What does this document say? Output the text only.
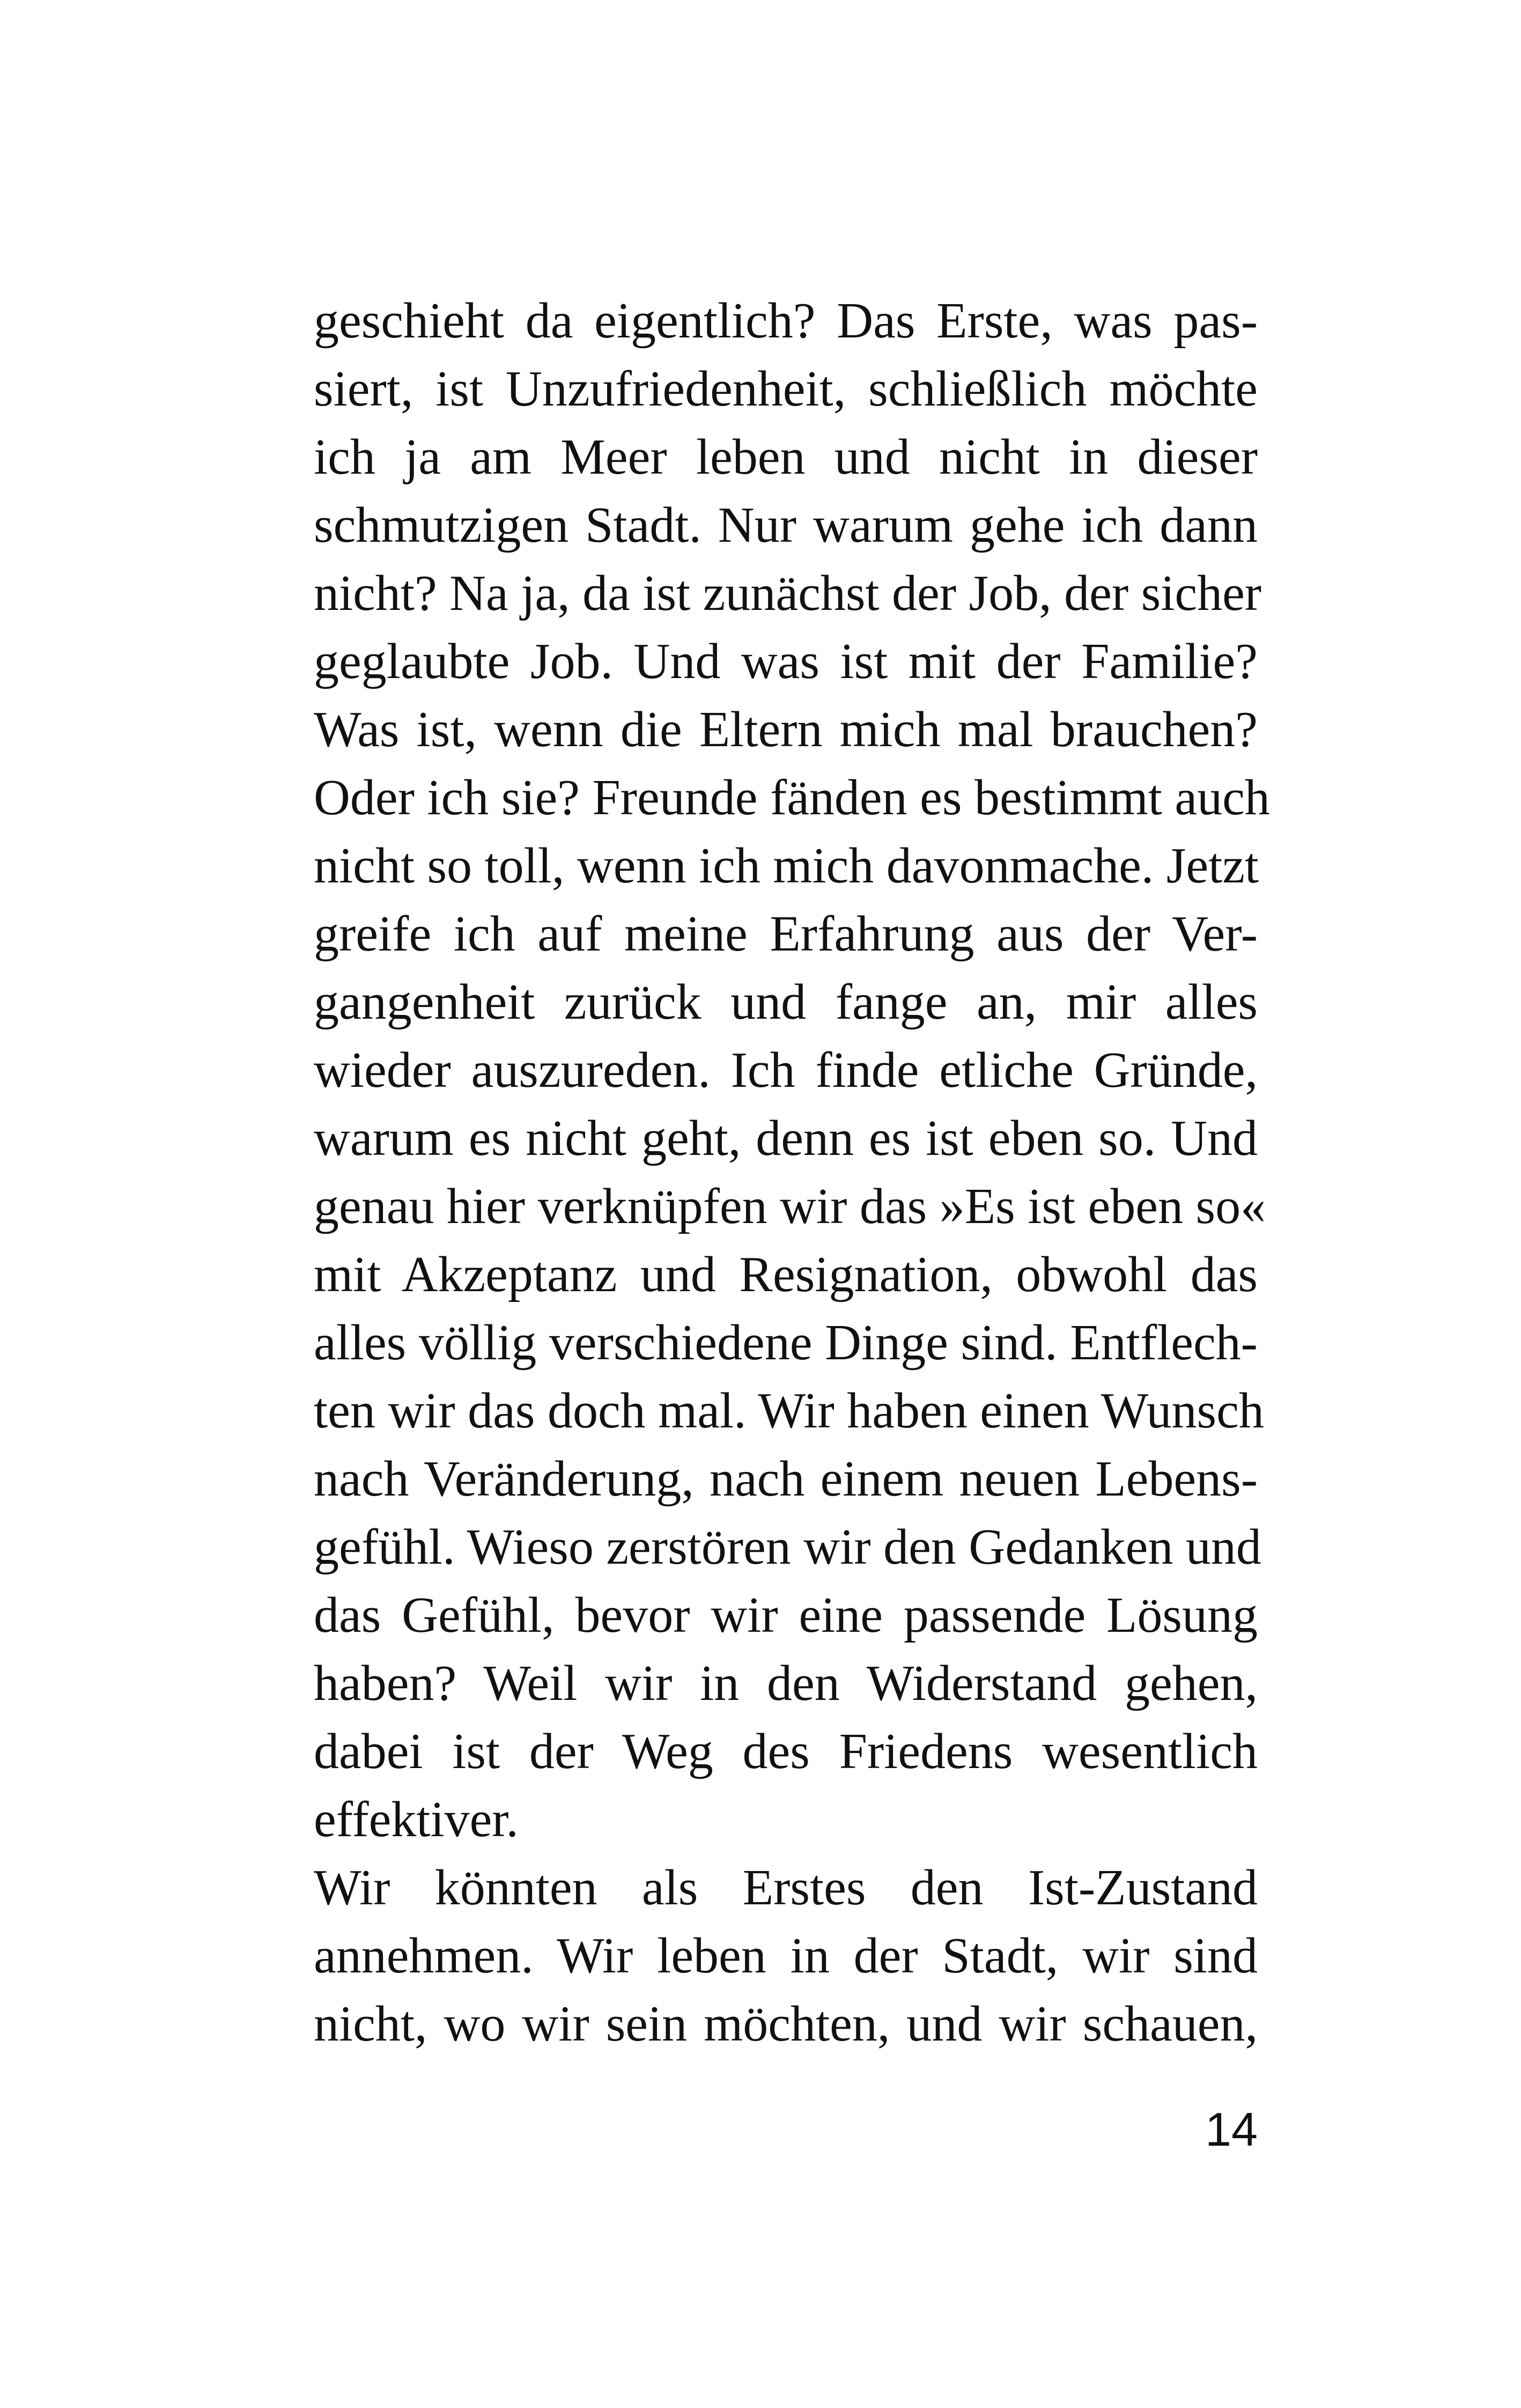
geschieht da eigentlich? Das Erste, was pas-
siert, ist Unzufriedenheit, schließlich möchte
ich ja am Meer leben und nicht in dieser
schmutzigen Stadt. Nur warum gehe ich dann
nicht? Na ja, da ist zunächst der Job, der sicher
geglaubte Job. Und was ist mit der Familie?
Was ist, wenn die Eltern mich mal brauchen?
Oder ich sie? Freunde fänden es bestimmt auch
nicht so toll, wenn ich mich davonmache. Jetzt
greife ich auf meine Erfahrung aus der Ver-
gangenheit zurück und fange an, mir alles
wieder auszureden. Ich finde etliche Gründe,
warum es nicht geht, denn es ist eben so. Und
genau hier verknüpfen wir das »Es ist eben so«
mit Akzeptanz und Resignation, obwohl das
alles völlig verschiedene Dinge sind. Entflech-
ten wir das doch mal. Wir haben einen Wunsch
nach Veränderung, nach einem neuen Lebens-
gefühl. Wieso zerstören wir den Gedanken und
das Gefühl, bevor wir eine passende Lösung
haben? Weil wir in den Widerstand gehen,
dabei ist der Weg des Friedens wesentlich
effektiver.
Wir könnten als Erstes den Ist-Zustand
annehmen. Wir leben in der Stadt, wir sind
nicht, wo wir sein möchten, und wir schauen,
14
